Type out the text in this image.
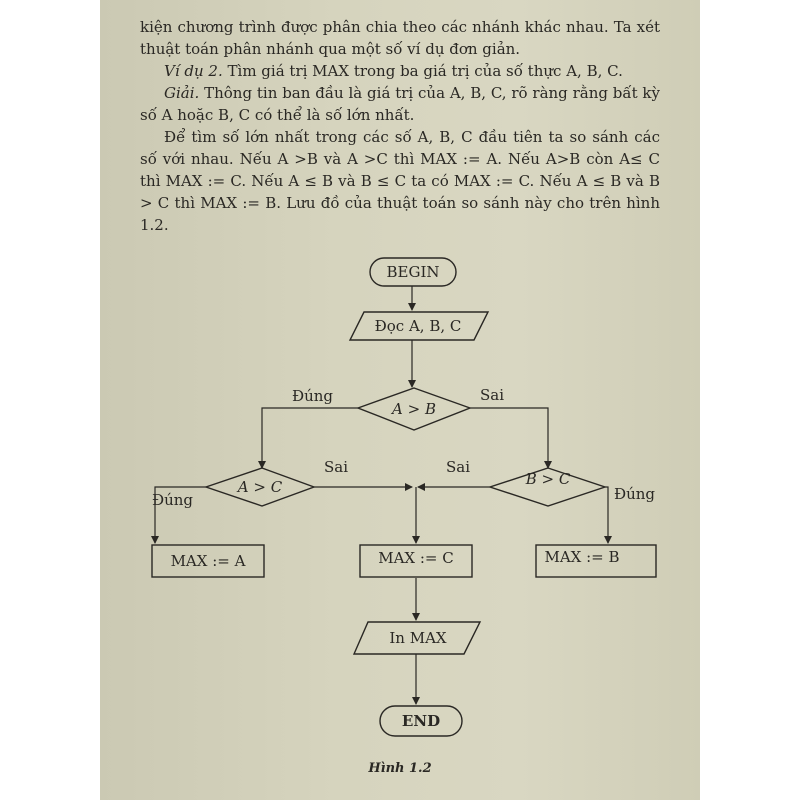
kiện chương trình được phân chia theo các nhánh khác nhau. Ta xét thuật toán phân nhánh qua một số ví dụ đơn giản.

Ví dụ 2. Tìm giá trị MAX trong ba giá trị của số thực A, B, C.

Giải. Thông tin ban đầu là giá trị của A, B, C, rõ ràng rằng bất kỳ số A hoặc B, C có thể là số lớn nhất.

Để tìm số lớn nhất trong các số A, B, C đầu tiên ta so sánh các số với nhau. Nếu A >B và A >C thì MAX := A. Nếu A>B còn A≤ C thì MAX := C. Nếu A ≤ B và B ≤ C ta có MAX := C. Nếu A ≤ B và B > C thì MAX := B. Lưu đồ của thuật toán so sánh này cho trên hình 1.2.

BEGIN
Đọc A, B, C
A > B
Đúng	Sai
A > C
Đúng
Sai
B > C
Đúng
Sai
MAX := A	MAX := C	MAX := B
In MAX
END
Hình 1.2
